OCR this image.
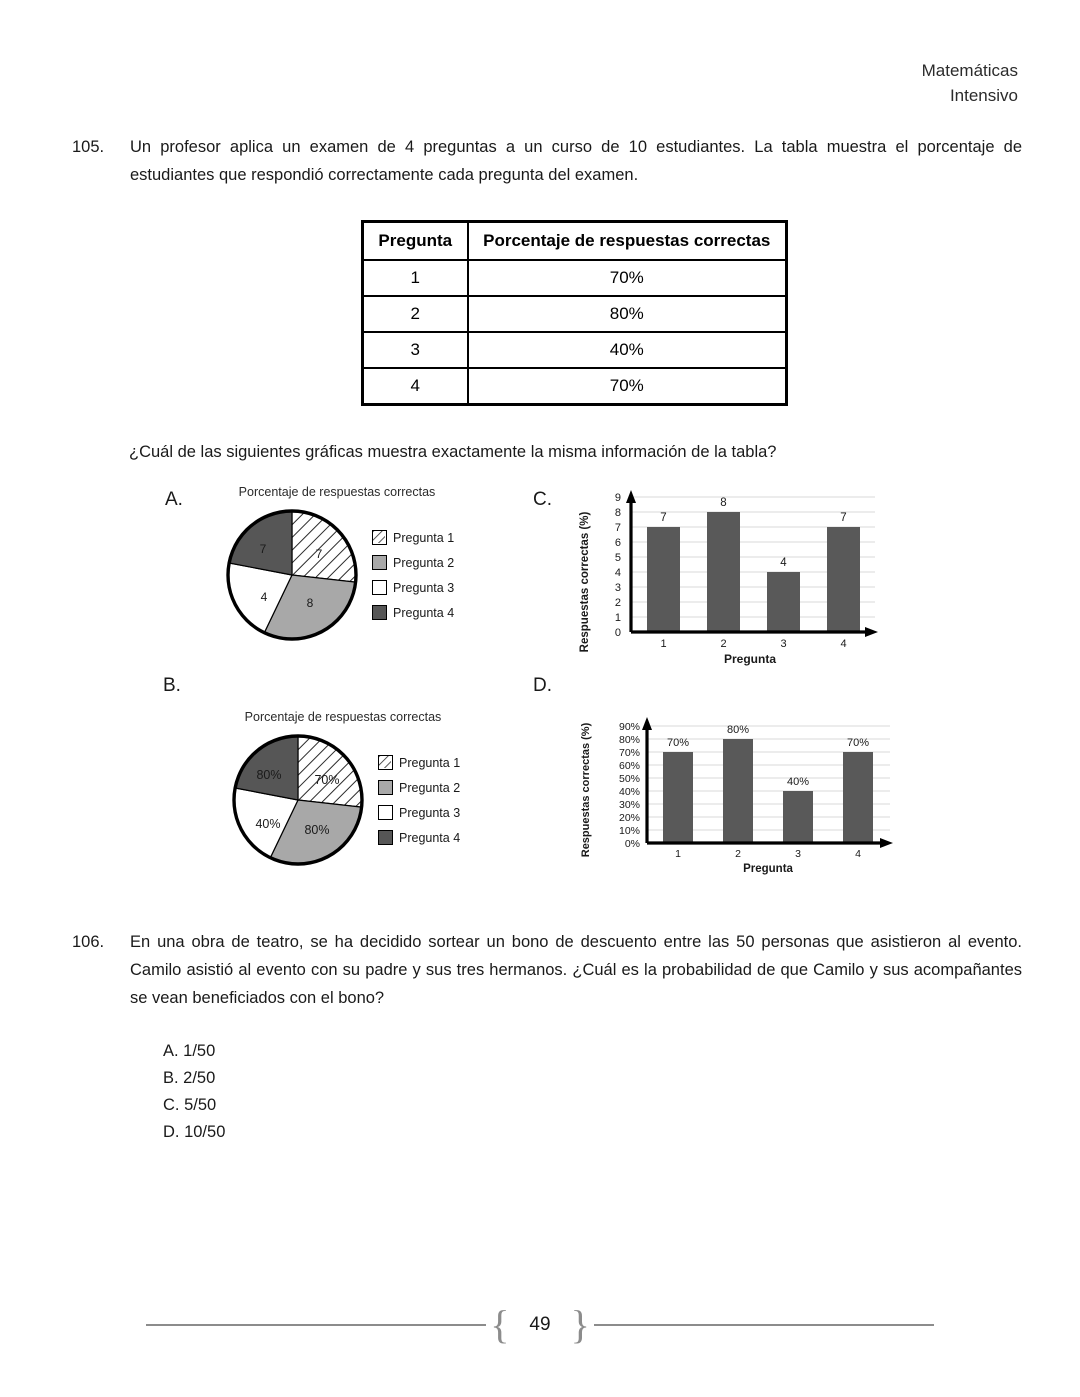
Matemáticas
Intensivo
105.	Un profesor aplica un examen de 4 preguntas a un curso de 10 estudiantes. La tabla muestra el porcentaje de estudiantes que respondió correctamente cada pregunta del examen.
Pregunta	Porcentaje de respuestas correctas
1	70%
2	80%
3	40%
4	70%
¿Cuál de las siguientes gráficas muestra exactamente la misma información de la tabla?
A.
B.
C.
D.
Porcentaje de respuestas correctas
7
8
4
7
Pregunta 1
Pregunta 2
Pregunta 3
Pregunta 4
Porcentaje de respuestas correctas
70%
80%
40%
80%
Pregunta 1
Pregunta 2
Pregunta 3
Pregunta 4
Respuestas correctas (%)
9
8
7
6
5
4
3
2
1
0
7
8
4
7
1	2	3	4
Pregunta
Respuestas correctas (%)	90%
80%
70%
60%
50%
40%
30%
20%
10%
0%
70%
80%
40%
70%
1	2	3	4
Pregunta
106.	En una obra de teatro, se ha decidido sortear un bono de descuento entre las 50 personas que asistieron al evento. Camilo asistió al evento con su padre y sus tres hermanos. ¿Cuál es la probabilidad de que Camilo y sus acompañantes se vean beneficiados con el bono?
A. 1/50
B. 2/50
C. 5/50
D. 10/50
{	49 }
